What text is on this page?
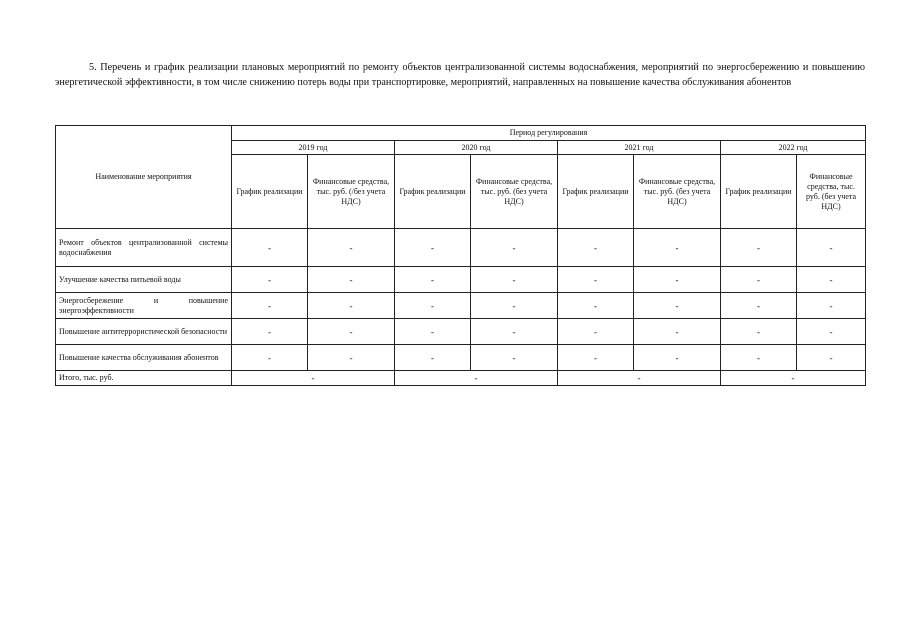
5. Перечень и график реализации плановых мероприятий по ремонту объектов централизованной системы водоснабжения, мероприятий по энергосбережению и повышению энергетической эффективности, в том числе снижению потерь воды при транспортировке, мероприятий, направленных на повышение качества обслуживания абонентов
Наименование мероприятия	Период регулирования							
	2019 год		2020 год		2021 год		2022 год	
	График реализации	Финансовые средства, тыс. руб. (/без учета НДС)	График реализации	Финансовые средства, тыс. руб. (без учета НДС)	График реализации	Финансовые средства, тыс. руб. (без учета НДС)	График реализации	Финансовые средства, тыс. руб. (без учета НДС)
Ремонт объектов централизованной системы водоснабжения	-	-	-	-	-	-	-	-
Улучшение качества питьевой воды	-	-	-	-	-	-	-	-
Энергосбережение и повышение энергоэффективности	-	-	-	-	-	-	-	-
Повышение антитеррористической безопасности	-	-	-	-	-	-	-	-
Повышение качества обслуживания абонентов	-	-	-	-	-	-	-	-
Итого, тыс. руб.	-		-		-		-	
